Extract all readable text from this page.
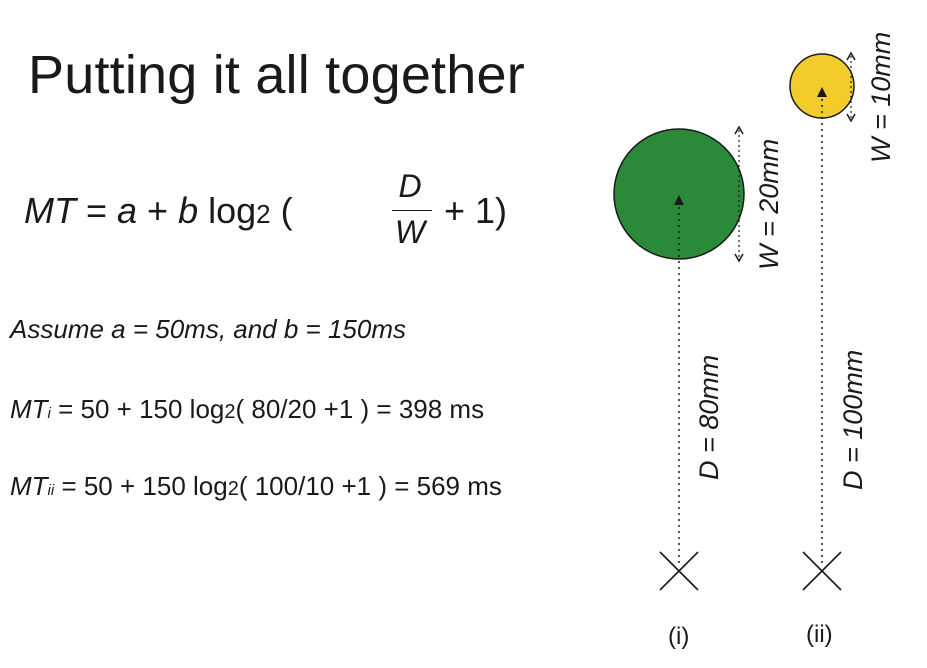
Putting it all together
MT = a + b log2 (
D
W
+ 1)
Assume a = 50ms, and b = 150ms
MTi = 50 + 150 log2( 80/20 +1 ) = 398 ms
MTii = 50 + 150 log2( 100/10 +1 ) = 569 ms
W = 20mm
D = 80mm
(i)
W = 10mm
D = 100mm
(ii)
